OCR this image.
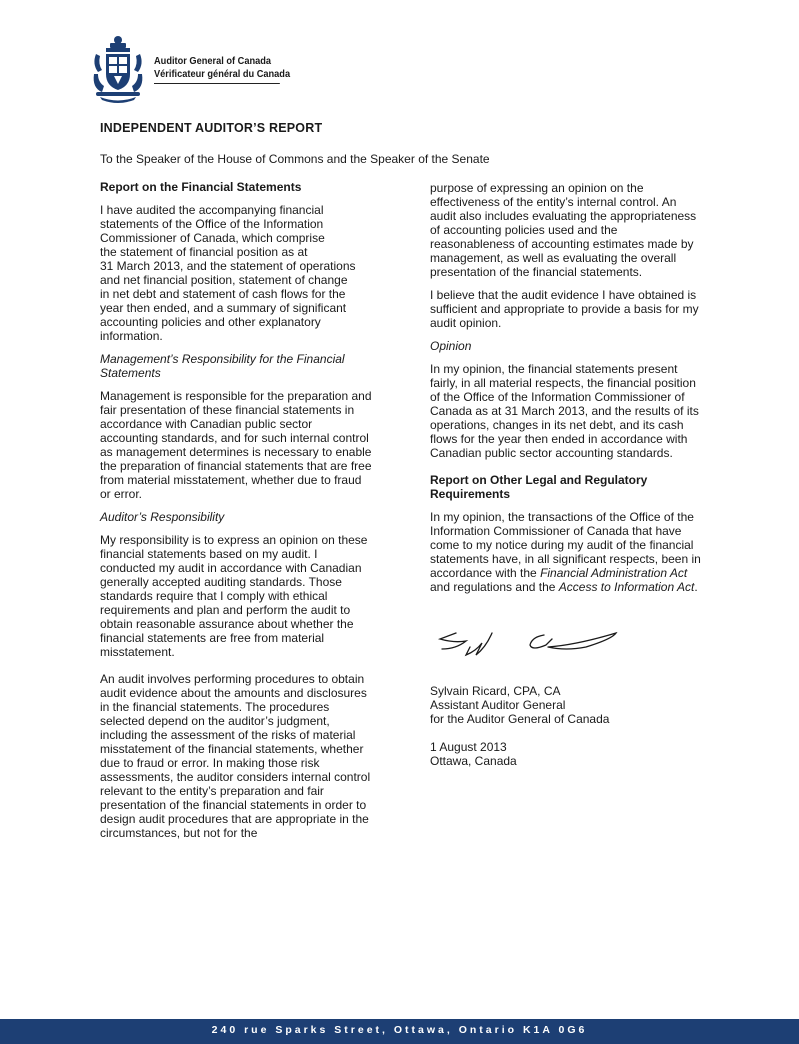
Auditor General of Canada
Vérificateur général du Canada
INDEPENDENT AUDITOR’S REPORT
To the Speaker of the House of Commons and the Speaker of the Senate
Report on the Financial Statements

I have audited the accompanying financial
statements of the Office of the Information
Commissioner of Canada, which comprise
the statement of financial position as at
31 March 2013, and the statement of operations
and net financial position, statement of change
in net debt and statement of cash flows for the
year then ended, and a summary of significant
accounting policies and other explanatory
information.

Management’s Responsibility for the Financial
Statements

Management is responsible for the preparation and
fair presentation of these financial statements in
accordance with Canadian public sector
accounting standards, and for such internal control
as management determines is necessary to enable
the preparation of financial statements that are free
from material misstatement, whether due to fraud
or error.

Auditor’s Responsibility

My responsibility is to express an opinion on these
financial statements based on my audit. I
conducted my audit in accordance with Canadian
generally accepted auditing standards. Those
standards require that I comply with ethical
requirements and plan and perform the audit to
obtain reasonable assurance about whether the
financial statements are free from material
misstatement.

An audit involves performing procedures to obtain
audit evidence about the amounts and disclosures
in the financial statements. The procedures
selected depend on the auditor’s judgment,
including the assessment of the risks of material
misstatement of the financial statements, whether
due to fraud or error. In making those risk
assessments, the auditor considers internal control
relevant to the entity’s preparation and fair
presentation of the financial statements in order to
design audit procedures that are appropriate in the
circumstances, but not for the

purpose of expressing an opinion on the
effectiveness of the entity’s internal control. An
audit also includes evaluating the appropriateness
of accounting policies used and the
reasonableness of accounting estimates made by
management, as well as evaluating the overall
presentation of the financial statements.

I believe that the audit evidence I have obtained is
sufficient and appropriate to provide a basis for my
audit opinion.

Opinion

In my opinion, the financial statements present
fairly, in all material respects, the financial position
of the Office of the Information Commissioner of
Canada as at 31 March 2013, and the results of its
operations, changes in its net debt, and its cash
flows for the year then ended in accordance with
Canadian public sector accounting standards.

Report on Other Legal and Regulatory
Requirements

In my opinion, the transactions of the Office of the
Information Commissioner of Canada that have
come to my notice during my audit of the financial
statements have, in all significant respects, been in
accordance with the Financial Administration Act
and regulations and the Access to Information Act.

Sylvain Ricard, CPA, CA

Assistant Auditor General

for the Auditor General of Canada

1 August 2013

Ottawa, Canada

240 rue Sparks Street, Ottawa, Ontario K1A 0G6
